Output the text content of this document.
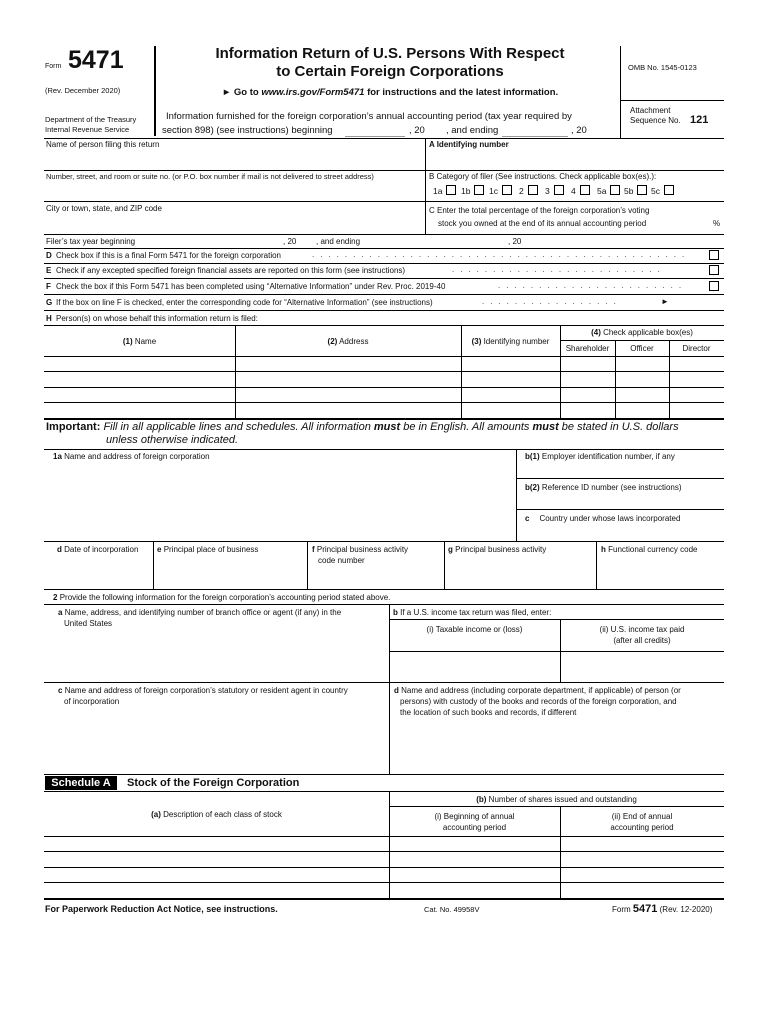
Form 5471
(Rev. December 2020)
Department of the Treasury
Internal Revenue Service
Information Return of U.S. Persons With Respect
to Certain Foreign Corporations
► Go to www.irs.gov/Form5471 for instructions and the latest information.
Information furnished for the foreign corporation’s annual accounting period (tax year required by
section 898) (see instructions) beginning	, 20 , and ending	, 20
OMB No. 1545-0123
Attachment
Sequence No. 121
Name of person filing this return	A Identifying number
Number, street, and room or suite no. (or P.O. box number if mail is not delivered to street address)	B Category of filer (See instructions. Check applicable box(es).):
1a 1b 1c 2	3	4	5a 5b 5c
City or town, state, and ZIP code	C Enter the total percentage of the foreign corporation’s voting
stock you owned at the end of its annual accounting period	%
Filer’s tax year beginning	, 20 , and ending	, 20
D Check box if this is a final Form 5471 for the foreign corporation	..............................................
E Check if any excepted specified foreign financial assets are reported on this form (see instructions)	..........................
F Check the box if this Form 5471 has been completed using “Alternative Information” under Rev. Proc. 2019-40	.......................
G If the box on line F is checked, enter the corresponding code for “Alternative Information” (see instructions)	.................	►
H Person(s) on whose behalf this information return is filed:
(1) Name	(2) Address	(3) Identifying number
(4) Check applicable box(es)
Shareholder	Officer	Director
Important: Fill in all applicable lines and schedules. All information must be in English. All amounts must be stated in U.S. dollars
unless otherwise indicated.
1a Name and address of foreign corporation	b(1) Employer identification number, if any
b(2) Reference ID number (see instructions)
c Country under whose laws incorporated
d Date of incorporation e Principal place of business	f Principal business activity
code number
g Principal business activity	h Functional currency code
2 Provide the following information for the foreign corporation’s accounting period stated above.
a Name, address, and identifying number of branch office or agent (if any) in the
United States
b If a U.S. income tax return was filed, enter:
(i) Taxable income or (loss)	(ii) U.S. income tax paid
(after all credits)
c Name and address of foreign corporation’s statutory or resident agent in country
of incorporation
d Name and address (including corporate department, if applicable) of person (or
persons) with custody of the books and records of the foreign corporation, and
the location of such books and records, if different
Schedule A	Stock of the Foreign Corporation
(a) Description of each class of stock
(b) Number of shares issued and outstanding
(i) Beginning of annual
accounting period
(ii) End of annual
accounting period
For Paperwork Reduction Act Notice, see instructions.	Cat. No. 49958V	Form 5471 (Rev. 12-2020)
